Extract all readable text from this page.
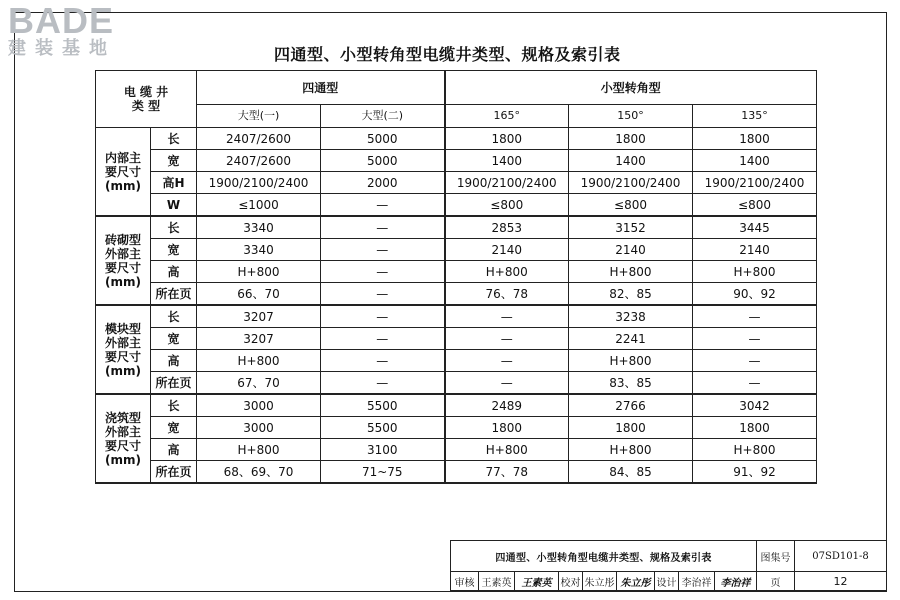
BADE
建装基地	四通型、小型转角型电缆井类型、规格及索引表
电 缆 井
类 型		四通型		小型转角型		
		大型(一)	大型(二)	165°	150°	135°
内部主要尺寸(mm)	长	2407/2600	5000	1800	1800	1800
	宽	2407/2600	5000	1400	1400	1400
	高H	1900/2100/2400	2000	1900/2100/2400	1900/2100/2400	1900/2100/2400
	W	≤1000	—	≤800	≤800	≤800
砖砌型外部主要尺寸(mm)	长	3340	—	2853	3152	3445
	宽	3340	—	2140	2140	2140
	高	H+800	—	H+800	H+800	H+800
	所在页	66、70	—	76、78	82、85	90、92
模块型外部主要尺寸(mm)	长	3207	—	—	3238	—
	宽	3207	—	—	2241	—
	高	H+800	—	—	H+800	—
	所在页	67、70	—	—	83、85	—
浇筑型外部主要尺寸(mm)	长	3000	5500	2489	2766	3042
	宽	3000	5500	1800	1800	1800
	高	H+800	3100	H+800	H+800	H+800
	所在页	68、69、70	71~75	77、78	84、85	91、92
四通型、小型转角型电缆井类型、规格及索引表									图集号	07SD101-8
审核	王素英	王素英	校对	朱立彤	朱立彤	设计	李治祥	李治祥	页	12
